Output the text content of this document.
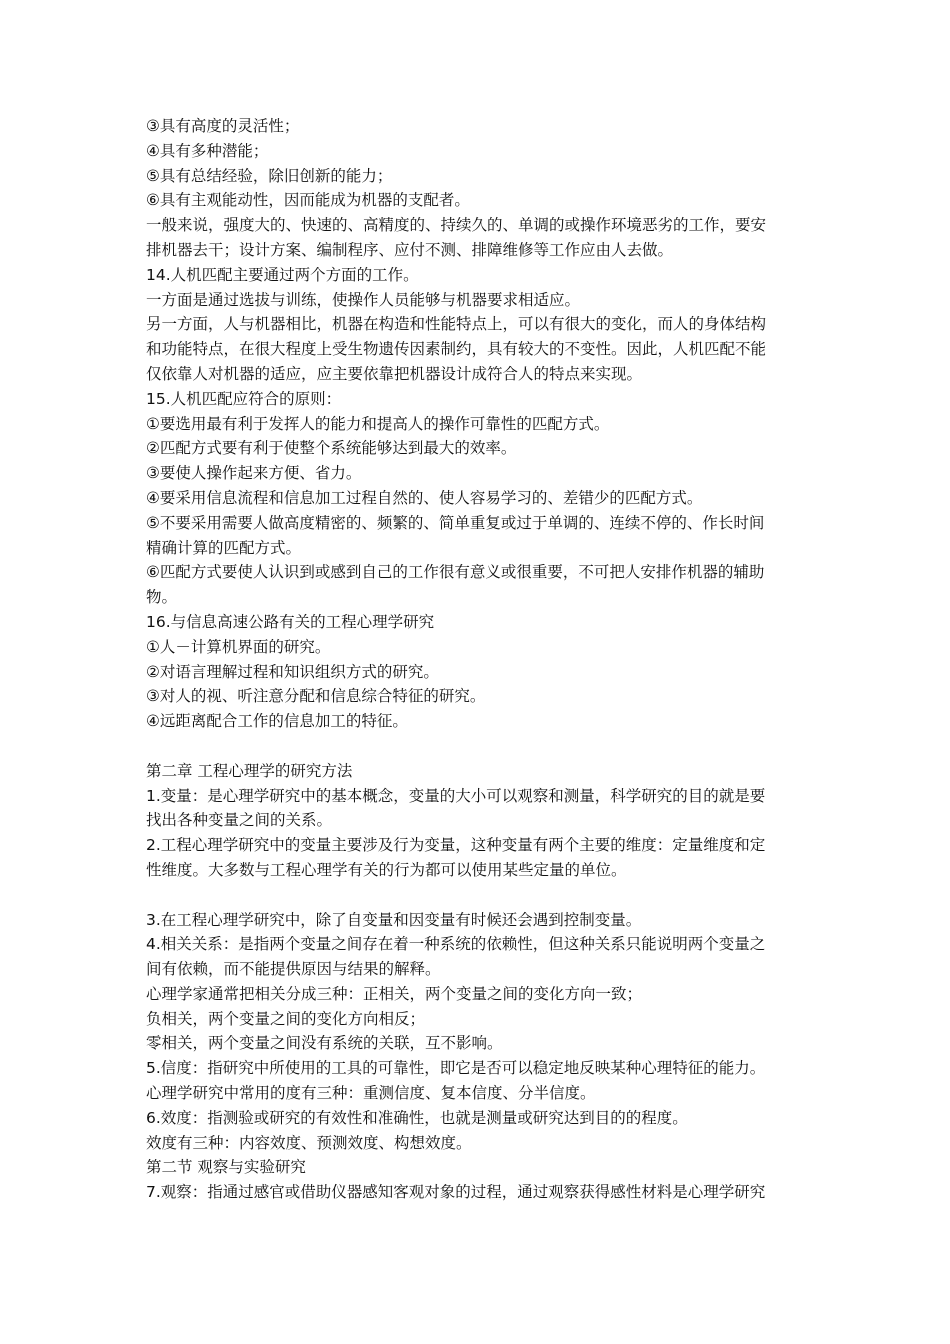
③具有高度的灵活性；
④具有多种潜能；
⑤具有总结经验，除旧创新的能力；
⑥具有主观能动性，因而能成为机器的支配者。
一般来说，强度大的、快速的、高精度的、持续久的、单调的或操作环境恶劣的工作，要安
排机器去干；设计方案、编制程序、应付不测、排障维修等工作应由人去做。
14.人机匹配主要通过两个方面的工作。
一方面是通过选拔与训练，使操作人员能够与机器要求相适应。
另一方面，人与机器相比，机器在构造和性能特点上，可以有很大的变化，而人的身体结构
和功能特点，在很大程度上受生物遗传因素制约，具有较大的不变性。因此，人机匹配不能
仅依靠人对机器的适应，应主要依靠把机器设计成符合人的特点来实现。
15.人机匹配应符合的原则：
①要选用最有利于发挥人的能力和提高人的操作可靠性的匹配方式。
②匹配方式要有利于使整个系统能够达到最大的效率。
③要使人操作起来方便、省力。
④要采用信息流程和信息加工过程自然的、使人容易学习的、差错少的匹配方式。
⑤不要采用需要人做高度精密的、频繁的、简单重复或过于单调的、连续不停的、作长时间
精确计算的匹配方式。
⑥匹配方式要使人认识到或感到自己的工作很有意义或很重要，不可把人安排作机器的辅助
物。
16.与信息高速公路有关的工程心理学研究
①人－计算机界面的研究。
②对语言理解过程和知识组织方式的研究。
③对人的视、听注意分配和信息综合特征的研究。
④远距离配合工作的信息加工的特征。
第二章 工程心理学的研究方法
1.变量：是心理学研究中的基本概念，变量的大小可以观察和测量，科学研究的目的就是要
找出各种变量之间的关系。
2.工程心理学研究中的变量主要涉及行为变量，这种变量有两个主要的维度：定量维度和定
性维度。大多数与工程心理学有关的行为都可以使用某些定量的单位。
3.在工程心理学研究中，除了自变量和因变量有时候还会遇到控制变量。
4.相关关系：是指两个变量之间存在着一种系统的依赖性，但这种关系只能说明两个变量之
间有依赖，而不能提供原因与结果的解释。
心理学家通常把相关分成三种：正相关，两个变量之间的变化方向一致；
负相关，两个变量之间的变化方向相反；
零相关，两个变量之间没有系统的关联，互不影响。
5.信度：指研究中所使用的工具的可靠性，即它是否可以稳定地反映某种心理特征的能力。
心理学研究中常用的度有三种：重测信度、复本信度、分半信度。
6.效度：指测验或研究的有效性和准确性，也就是测量或研究达到目的的程度。
效度有三种：内容效度、预测效度、构想效度。
第二节 观察与实验研究
7.观察：指通过感官或借助仪器感知客观对象的过程，通过观察获得感性材料是心理学研究
